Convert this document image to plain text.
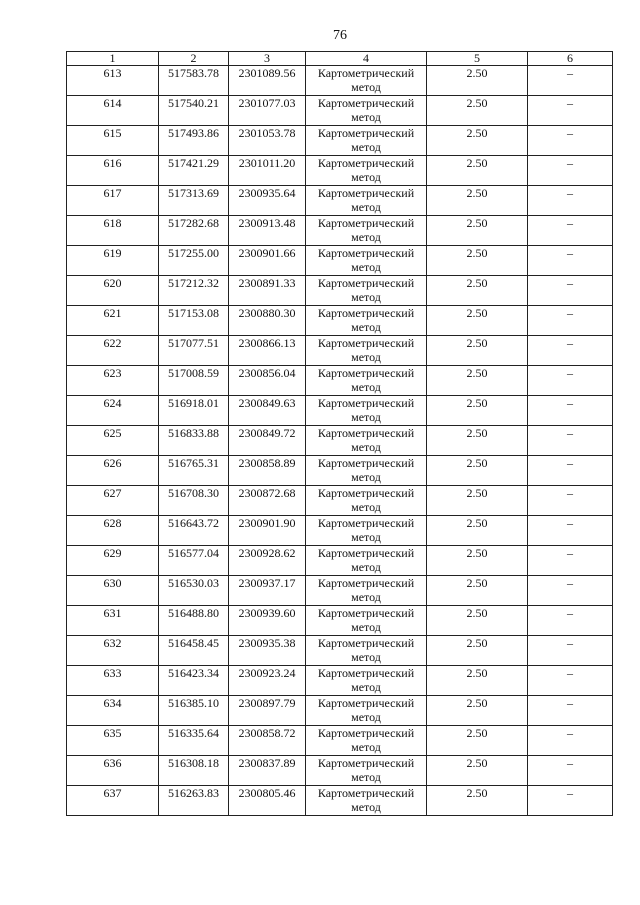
76
1	2	3	4	5	6
613	517583.78	2301089.56	Картометрический метод	2.50	–
614	517540.21	2301077.03	Картометрический метод	2.50	–
615	517493.86	2301053.78	Картометрический метод	2.50	–
616	517421.29	2301011.20	Картометрический метод	2.50	–
617	517313.69	2300935.64	Картометрический метод	2.50	–
618	517282.68	2300913.48	Картометрический метод	2.50	–
619	517255.00	2300901.66	Картометрический метод	2.50	–
620	517212.32	2300891.33	Картометрический метод	2.50	–
621	517153.08	2300880.30	Картометрический метод	2.50	–
622	517077.51	2300866.13	Картометрический метод	2.50	–
623	517008.59	2300856.04	Картометрический метод	2.50	–
624	516918.01	2300849.63	Картометрический метод	2.50	–
625	516833.88	2300849.72	Картометрический метод	2.50	–
626	516765.31	2300858.89	Картометрический метод	2.50	–
627	516708.30	2300872.68	Картометрический метод	2.50	–
628	516643.72	2300901.90	Картометрический метод	2.50	–
629	516577.04	2300928.62	Картометрический метод	2.50	–
630	516530.03	2300937.17	Картометрический метод	2.50	–
631	516488.80	2300939.60	Картометрический метод	2.50	–
632	516458.45	2300935.38	Картометрический метод	2.50	–
633	516423.34	2300923.24	Картометрический метод	2.50	–
634	516385.10	2300897.79	Картометрический метод	2.50	–
635	516335.64	2300858.72	Картометрический метод	2.50	–
636	516308.18	2300837.89	Картометрический метод	2.50	–
637	516263.83	2300805.46	Картометрический метод	2.50	–
